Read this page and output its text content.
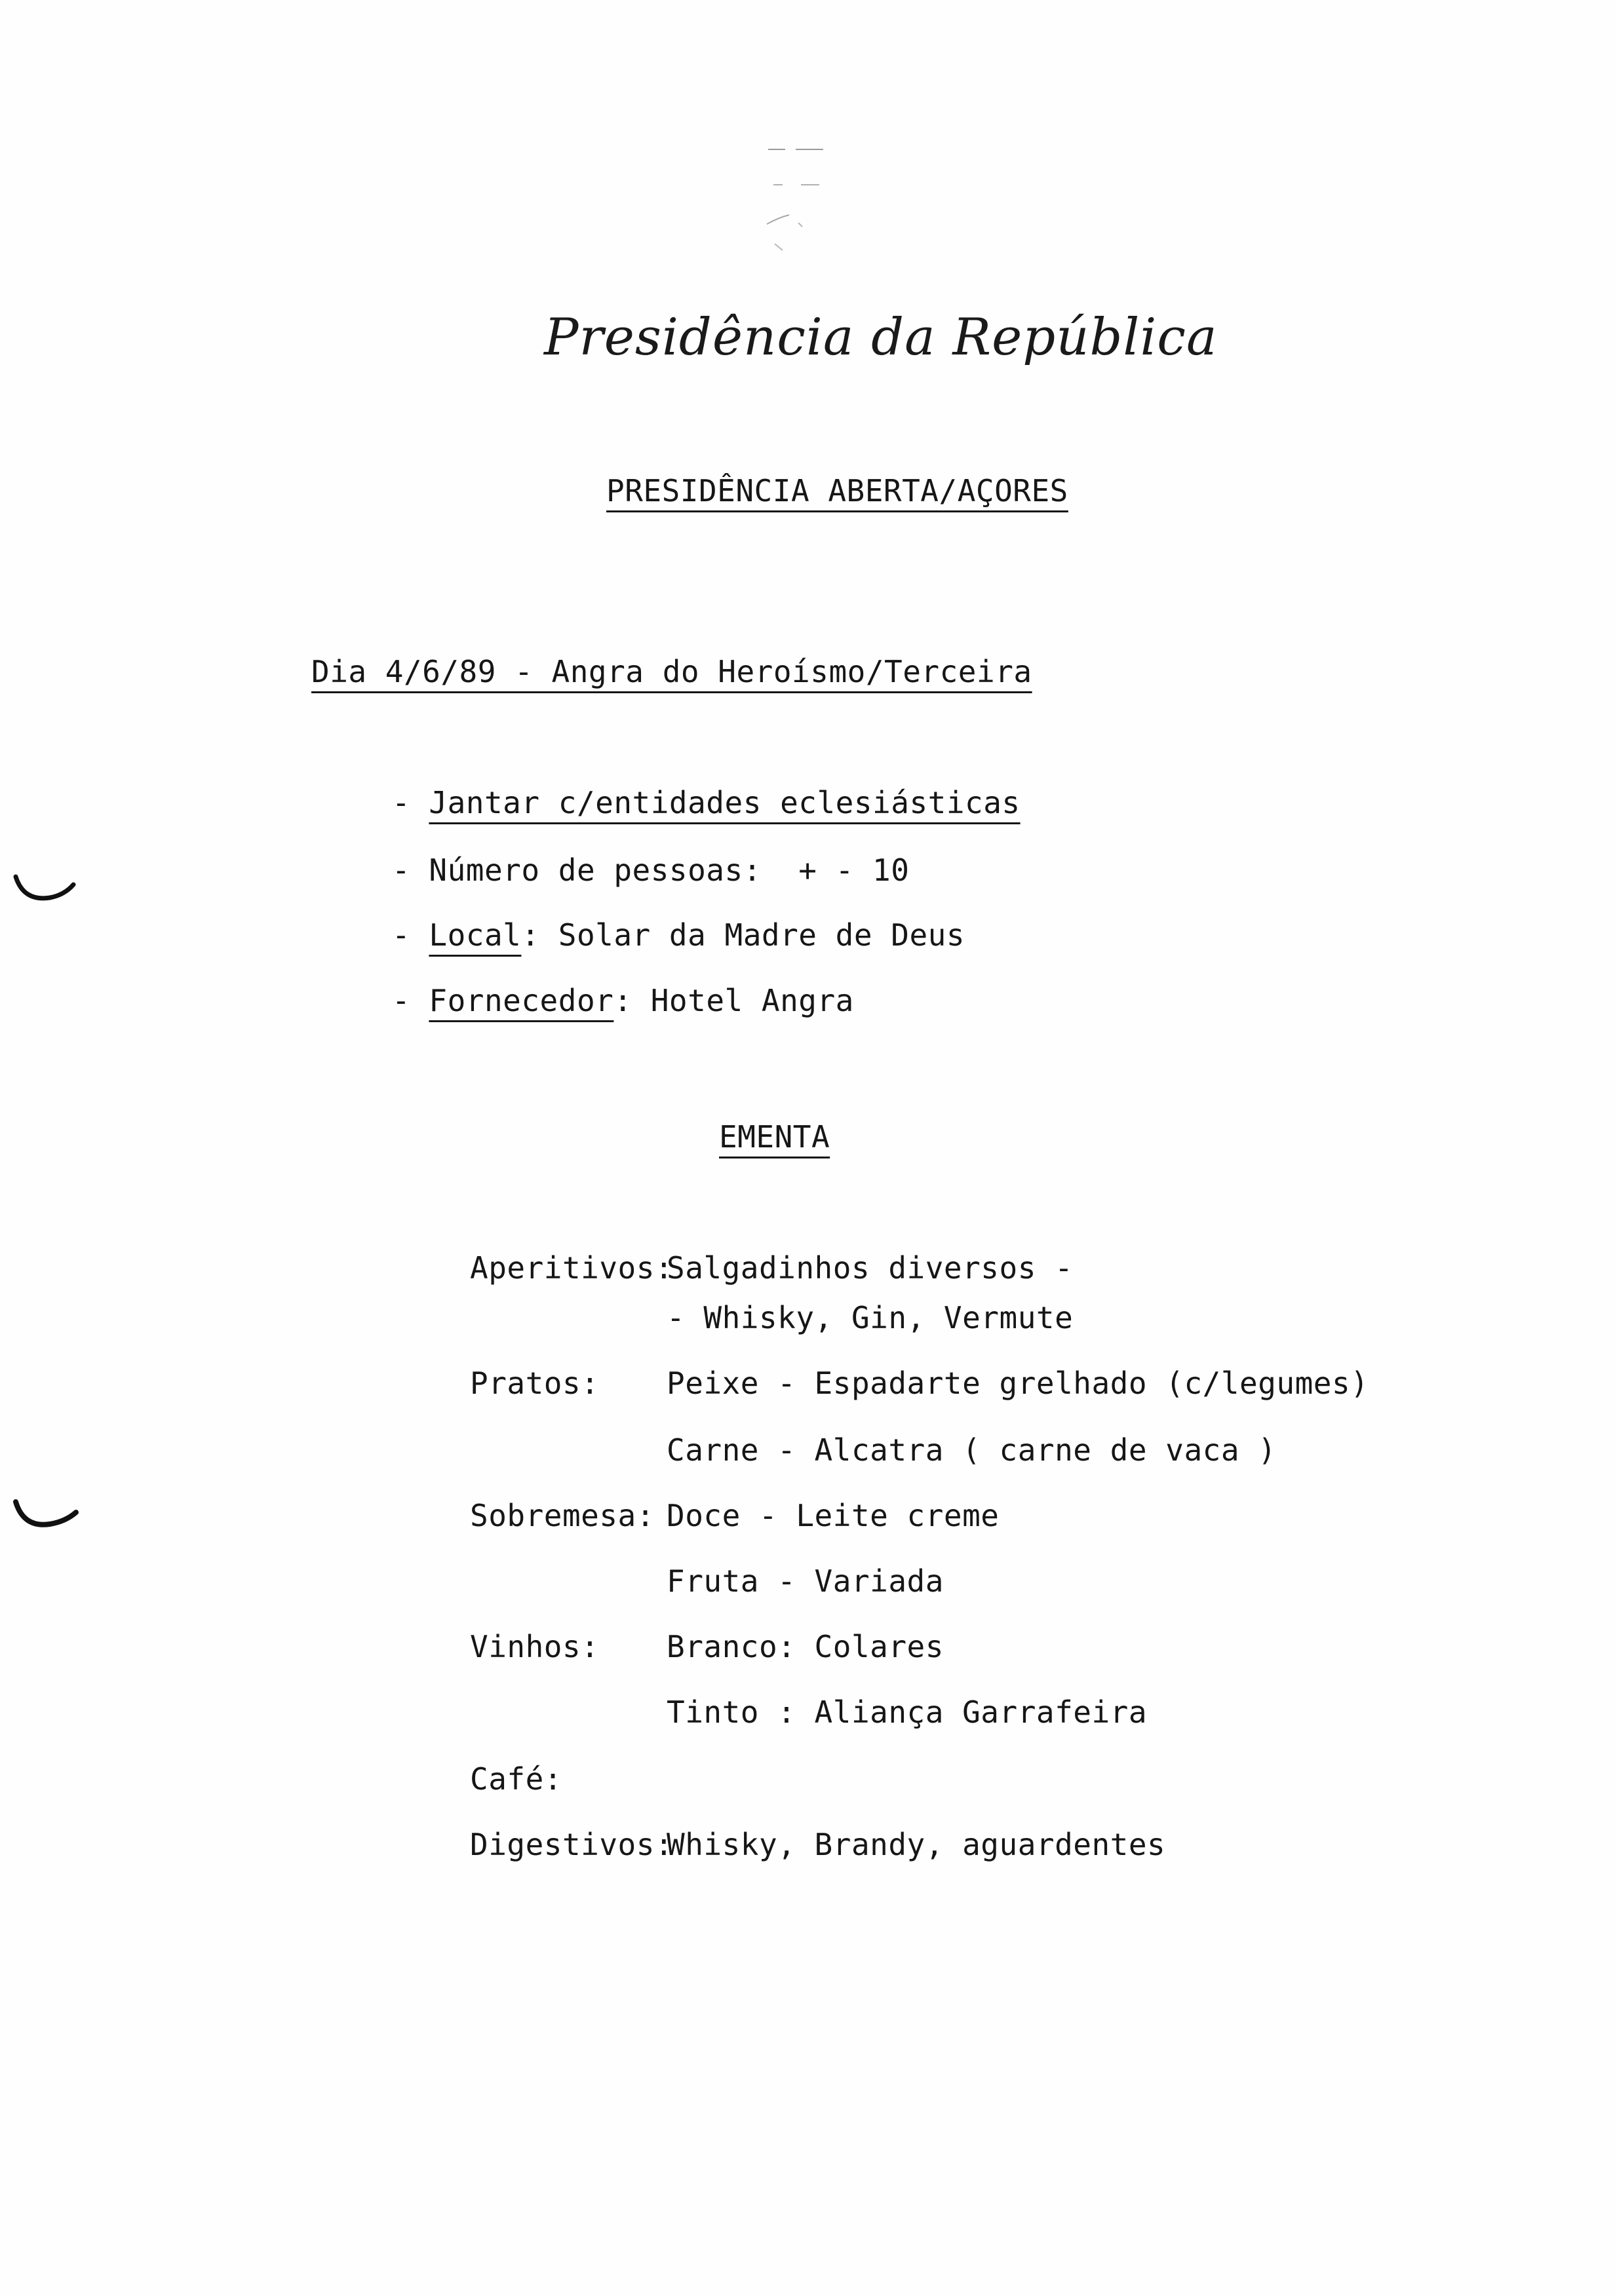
Presidência da República
PRESIDÊNCIA ABERTA/AÇORES
Dia 4/6/89 - Angra do Heroísmo/Terceira
- Jantar c/entidades eclesiásticas
- Número de pessoas: + - 10
- Local: Solar da Madre de Deus
- Fornecedor: Hotel Angra
EMENTA
Aperitivos:
Pratos:
Sobremesa:
Vinhos:
Café:
Digestivos:
Salgadinhos diversos -
- Whisky, Gin, Vermute
Peixe - Espadarte grelhado (c/legumes)
Carne - Alcatra ( carne de vaca )
Doce - Leite creme
Fruta - Variada
Branco: Colares
Tinto : Aliança Garrafeira
Whisky, Brandy, aguardentes
